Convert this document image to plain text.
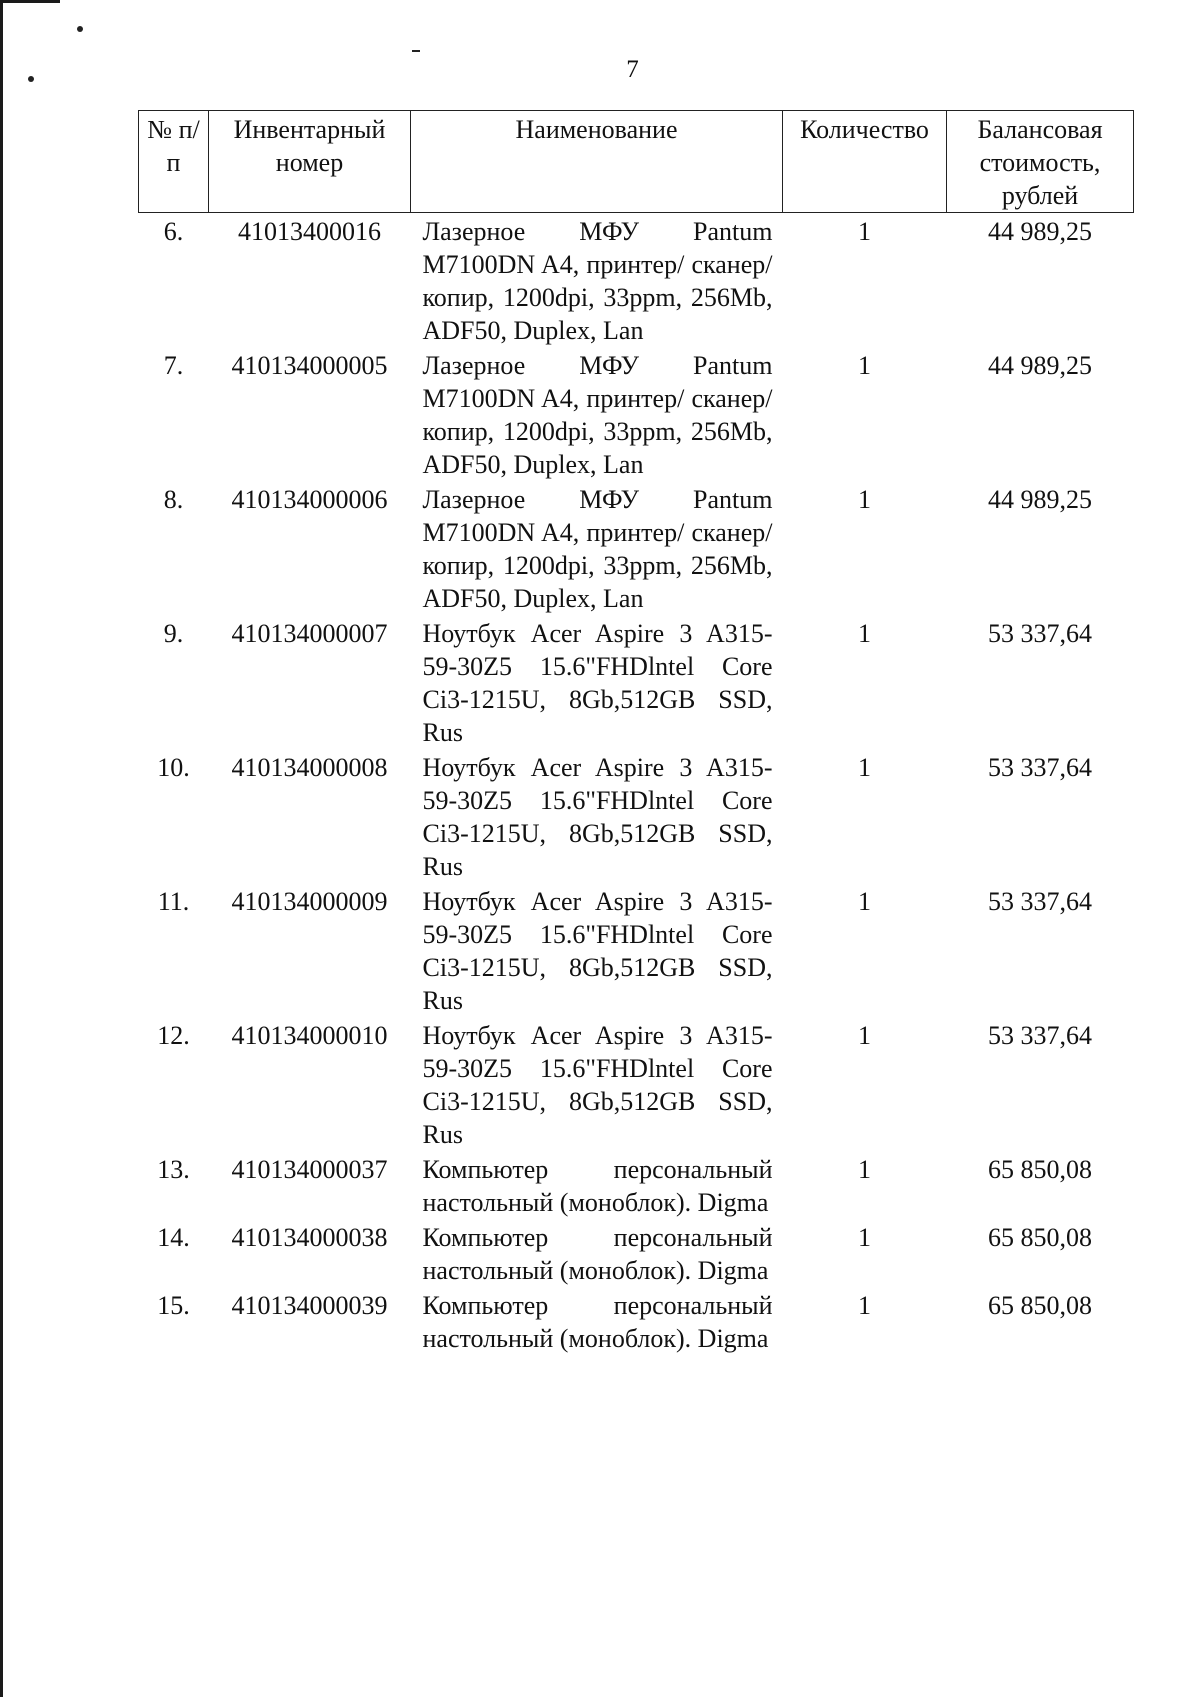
7
№ п/п	Инвентарный номер	Наименование	Количество	Балансовая стоимость, рублей
6.	41013400016	Лазерное МФУ Pantum M7100DN A4, принтер/ сканер/копир, 1200dpi, 33ppm, 256Mb, ADF50, Duplex, Lan	1	44 989,25
7.	410134000005	Лазерное МФУ Pantum M7100DN A4, принтер/ сканер/копир, 1200dpi, 33ppm, 256Mb, ADF50, Duplex, Lan	1	44 989,25
8.	410134000006	Лазерное МФУ Pantum M7100DN A4, принтер/ сканер/копир, 1200dpi, 33ppm, 256Mb, ADF50, Duplex, Lan	1	44 989,25
9.	410134000007	Ноутбук Acer Aspire 3 A315-59-30Z5 15.6"FHDlntel Core Ci3-1215U, 8Gb,512GB SSD, Rus	1	53 337,64
10.	410134000008	Ноутбук Acer Aspire 3 A315-59-30Z5 15.6"FHDlntel Core Ci3-1215U, 8Gb,512GB SSD, Rus	1	53 337,64
11.	410134000009	Ноутбук Acer Aspire 3 A315-59-30Z5 15.6"FHDlntel Core Ci3-1215U, 8Gb,512GB SSD, Rus	1	53 337,64
12.	410134000010	Ноутбук Acer Aspire 3 A315-59-30Z5 15.6"FHDlntel Core Ci3-1215U, 8Gb,512GB SSD, Rus	1	53 337,64
13.	410134000037	Компьютер персональный настольный (моноблок). Digma	1	65 850,08
14.	410134000038	Компьютер персональный настольный (моноблок). Digma	1	65 850,08
15.	410134000039	Компьютер персональный настольный (моноблок). Digma	1	65 850,08
